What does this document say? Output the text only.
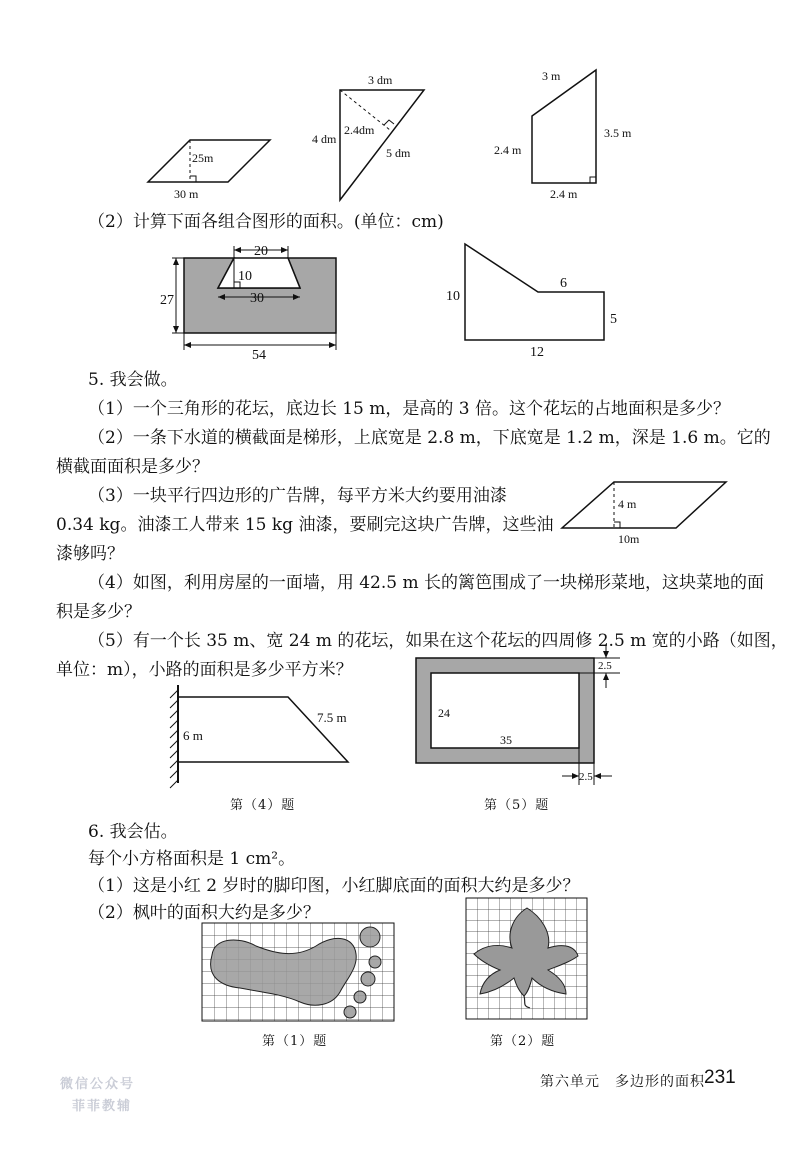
25m
30 m
3 dm
4 dm
2.4dm
5 dm
3 m
3.5 m
2.4 m
2.4 m
（2）计算下面各组合图形的面积。(单位：cm)
20
10
30
27
54
10
6
5
12
5. 我会做。
（1）一个三角形的花坛，底边长 15 m，是高的 3 倍。这个花坛的占地面积是多少？
（2）一条下水道的横截面是梯形，上底宽是 2.8 m，下底宽是 1.2 m，深是 1.6 m。它的
横截面面积是多少？
（3）一块平行四边形的广告牌，每平方米大约要用油漆
0.34 kg。油漆工人带来 15 kg 油漆，要刷完这块广告牌，这些油
漆够吗？
4 m
10m
（4）如图，利用房屋的一面墙，用 42.5 m 长的篱笆围成了一块梯形菜地，这块菜地的面
积是多少？
（5）有一个长 35 m、宽 24 m 的花坛，如果在这个花坛的四周修 2.5 m 宽的小路（如图，
单位：m），小路的面积是多少平方米？
6 m
7.5 m
第（4）题
24
35
2.5
2.5
第（5）题
6. 我会估。
每个小方格面积是 1 cm²。
（1）这是小红 2 岁时的脚印图，小红脚底面的面积大约是多少？
（2）枫叶的面积大约是多少？
第（1）题	第（2）题
微信公众号
菲菲教辅
第六单元　多边形的面积 231
